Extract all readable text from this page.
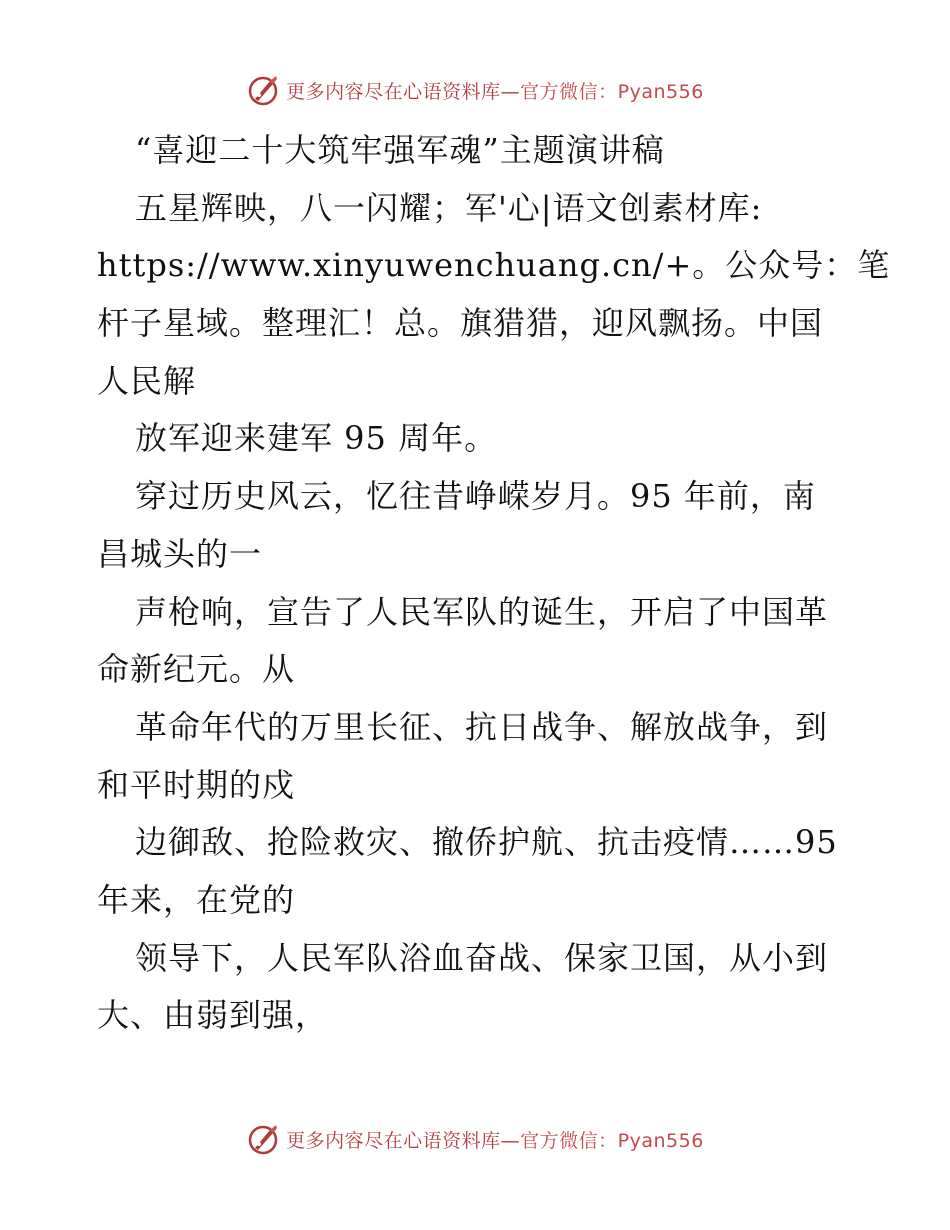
更多内容尽在心语资料库—官方微信：Pyan556
“喜迎二十大筑牢强军魂”主题演讲稿
五星辉映，八一闪耀；军'心|语文创素材库:
https://www.xinyuwenchuang.cn/+。公众号：笔
杆子星域。整理汇！总。旗猎猎，迎风飘扬。中国
人民解
放军迎来建军 95 周年。
穿过历史风云，忆往昔峥嵘岁月。95 年前，南
昌城头的一
声枪响，宣告了人民军队的诞生，开启了中国革
命新纪元。从
革命年代的万里长征、抗日战争、解放战争，到
和平时期的戍
边御敌、抢险救灾、撤侨护航、抗击疫情……95
年来，在党的
领导下，人民军队浴血奋战、保家卫国，从小到
大、由弱到强，
更多内容尽在心语资料库—官方微信：Pyan556
